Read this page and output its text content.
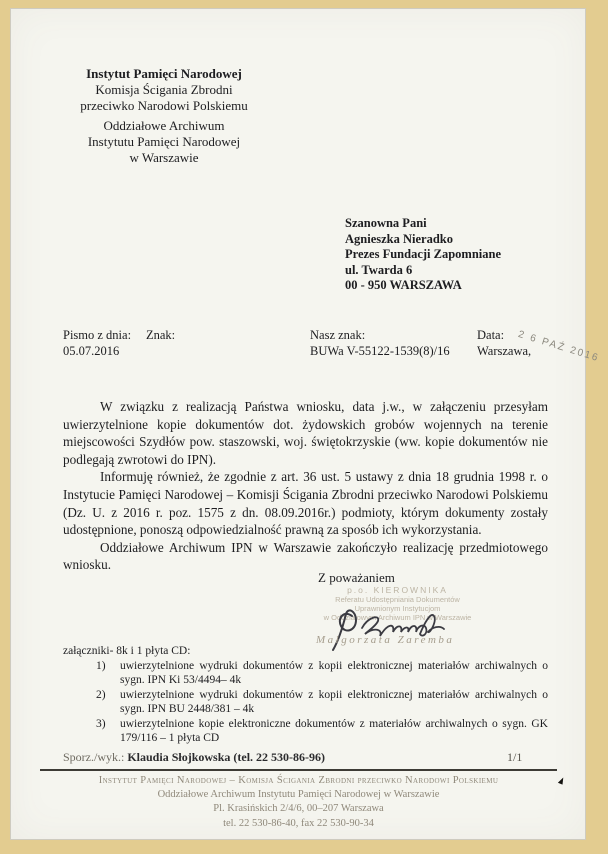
Instytut Pamięci Narodowej
Komisja Ścigania Zbrodni
przeciwko Narodowi Polskiemu
Oddziałowe Archiwum
Instytutu Pamięci Narodowej
w Warszawie
Szanowna Pani
Agnieszka Nieradko
Prezes Fundacji Zapomniane
ul. Twarda 6
00 - 950 WARSZAWA
Pismo z dnia:
05.07.2016
Znak:	Nasz znak:
BUWa V-55122-1539(8)/16
Data:
Warszawa,
2 6 PAŹ 2016

W związku z realizacją Państwa wniosku, data j.w., w załączeniu przesyłam uwierzytelnione kopie dokumentów dot. żydowskich grobów wojennych na terenie miejscowości Szydłów pow. staszowski, woj. świętokrzyskie (ww. kopie dokumentów nie podlegają zwrotowi do IPN).

Informuję również, że zgodnie z art. 36 ust. 5 ustawy z dnia 18 grudnia 1998 r. o Instytucie Pamięci Narodowej – Komisji Ścigania Zbrodni przeciwko Narodowi Polskiemu (Dz. U. z 2016 r. poz. 1575 z dn. 08.09.2016r.) podmioty, którym dokumenty zostały udostępnione, ponoszą odpowiedzialność prawną za sposób ich wykorzystania.

Oddziałowe Archiwum IPN w Warszawie zakończyło realizację przedmiotowego wniosku.

Z poważaniem
p.o. KIEROWNIKA
Referatu Udostępniania Dokumentów
Uprawnionym Instytucjom
w Oddziałowym Archiwum IPN w Warszawie
Małgorzata Zaremba
załączniki- 8k i 1 płyta CD:
1) uwierzytelnione wydruki dokumentów z kopii elektronicznej materiałów archiwalnych o sygn. IPN Ki 53/4494– 4k
2) uwierzytelnione wydruki dokumentów z kopii elektronicznej materiałów archiwalnych o sygn. IPN BU 2448/381 – 4k
3) uwierzytelnione kopie elektroniczne dokumentów z materiałów archiwalnych o sygn. GK 179/116 – 1 płyta CD
Sporz./wyk.: Klaudia Słojkowska (tel. 22 530-86-96)	1/1
Instytut Pamięci Narodowej – Komisja Ścigania Zbrodni przeciwko Narodowi Polskiemu
Oddziałowe Archiwum Instytutu Pamięci Narodowej w Warszawie
Pl. Krasińskich 2/4/6, 00–207 Warszawa
tel. 22 530-86-40, fax 22 530-90-34
